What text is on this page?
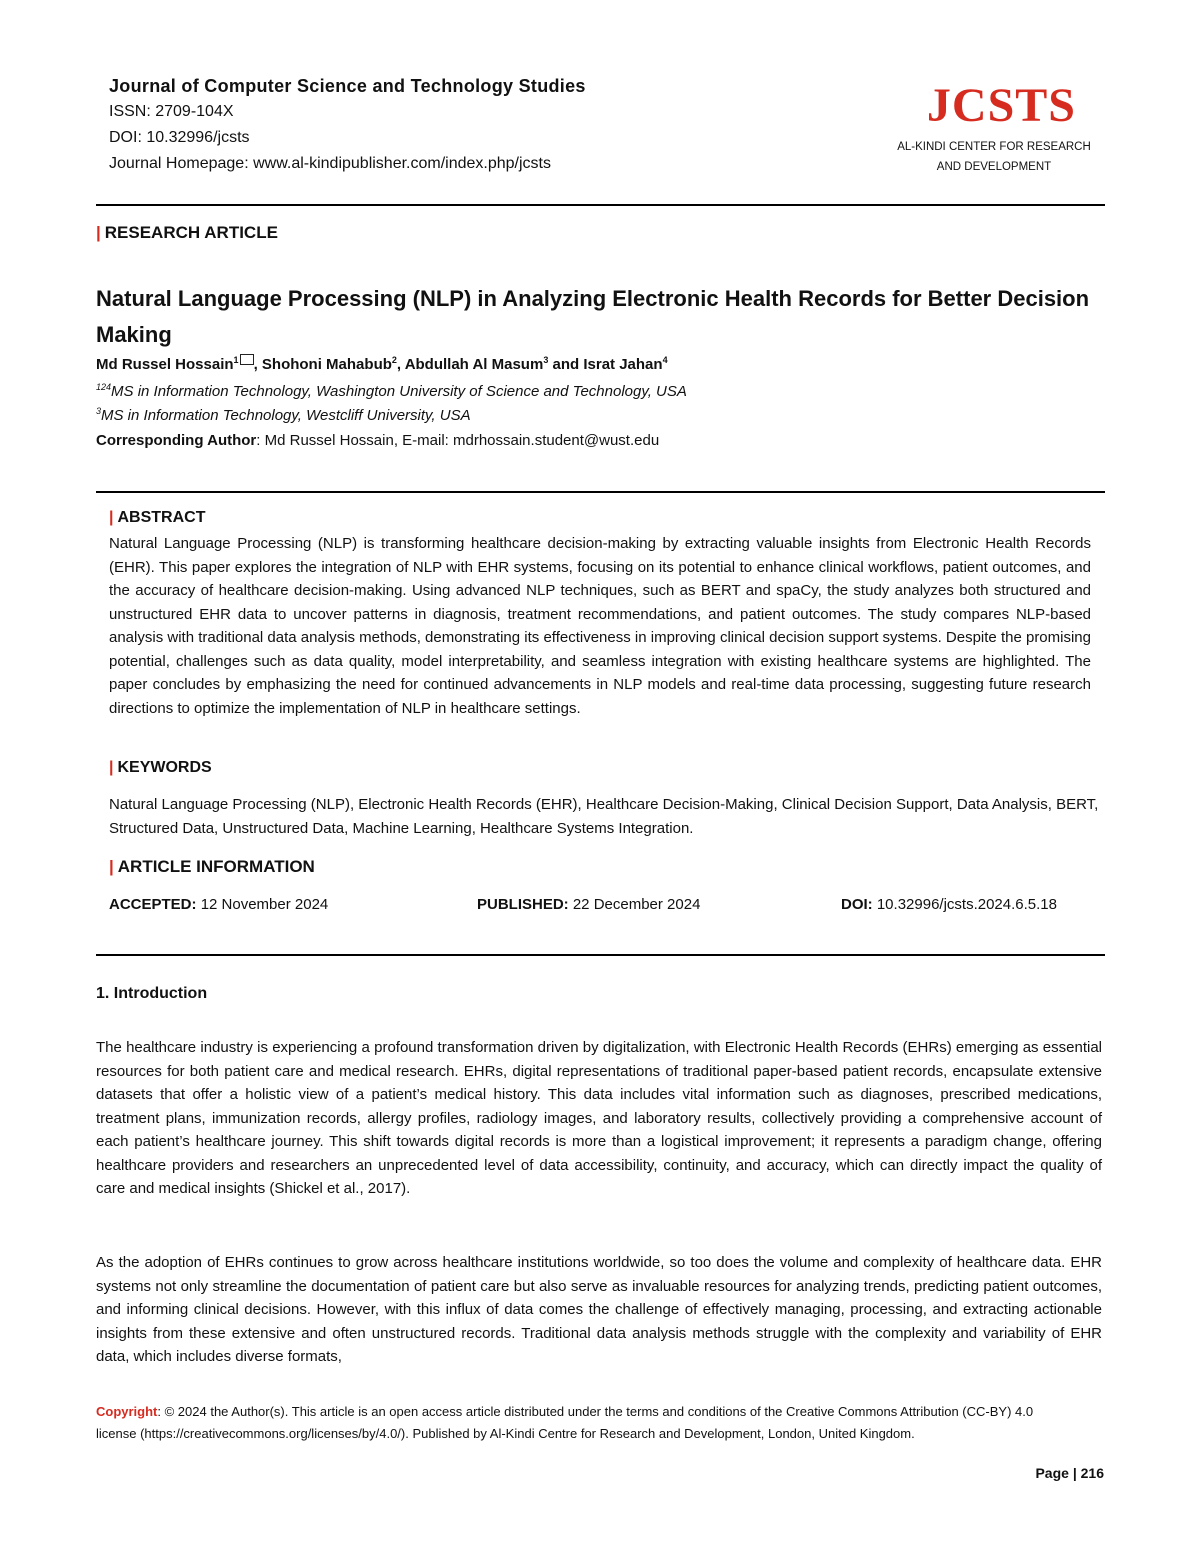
Journal of Computer Science and Technology Studies
ISSN: 2709-104X
DOI: 10.32996/jcsts
Journal Homepage: www.al-kindipublisher.com/index.php/jcsts
JCSTS
AL-KINDI CENTER FOR RESEARCH
AND DEVELOPMENT
| RESEARCH ARTICLE
Natural Language Processing (NLP) in Analyzing Electronic Health Records for Better Decision Making
Md Russel Hossain$^1$ , Shohoni Mahabub$^2$, Abdullah Al Masum$^3$ and Israt Jahan$^4$
$^{124}$MS in Information Technology, Washington University of Science and Technology, USA
$^3$MS in Information Technology, Westcliff University, USA
Corresponding Author: Md Russel Hossain, E-mail: mdrhossain.student@wust.edu
| ABSTRACT
Natural Language Processing (NLP) is transforming healthcare decision-making by extracting valuable insights from Electronic Health Records (EHR). This paper explores the integration of NLP with EHR systems, focusing on its potential to enhance clinical workflows, patient outcomes, and the accuracy of healthcare decision-making. Using advanced NLP techniques, such as BERT and spaCy, the study analyzes both structured and unstructured EHR data to uncover patterns in diagnosis, treatment recommendations, and patient outcomes. The study compares NLP-based analysis with traditional data analysis methods, demonstrating its effectiveness in improving clinical decision support systems. Despite the promising potential, challenges such as data quality, model interpretability, and seamless integration with existing healthcare systems are highlighted. The paper concludes by emphasizing the need for continued advancements in NLP models and real-time data processing, suggesting future research directions to optimize the implementation of NLP in healthcare settings.
| KEYWORDS
Natural Language Processing (NLP), Electronic Health Records (EHR), Healthcare Decision-Making, Clinical Decision Support, Data Analysis, BERT, Structured Data, Unstructured Data, Machine Learning, Healthcare Systems Integration.
| ARTICLE INFORMATION
ACCEPTED: 12 November 2024	PUBLISHED: 22 December 2024	DOI: 10.32996/jcsts.2024.6.5.18
1. Introduction
The healthcare industry is experiencing a profound transformation driven by digitalization, with Electronic Health Records (EHRs) emerging as essential resources for both patient care and medical research. EHRs, digital representations of traditional paper-based patient records, encapsulate extensive datasets that offer a holistic view of a patient’s medical history. This data includes vital information such as diagnoses, prescribed medications, treatment plans, immunization records, allergy profiles, radiology images, and laboratory results, collectively providing a comprehensive account of each patient’s healthcare journey. This shift towards digital records is more than a logistical improvement; it represents a paradigm change, offering healthcare providers and researchers an unprecedented level of data accessibility, continuity, and accuracy, which can directly impact the quality of care and medical insights (Shickel et al., 2017).
As the adoption of EHRs continues to grow across healthcare institutions worldwide, so too does the volume and complexity of healthcare data. EHR systems not only streamline the documentation of patient care but also serve as invaluable resources for analyzing trends, predicting patient outcomes, and informing clinical decisions. However, with this influx of data comes the challenge of effectively managing, processing, and extracting actionable insights from these extensive and often unstructured records. Traditional data analysis methods struggle with the complexity and variability of EHR data, which includes diverse formats,
Copyright: © 2024 the Author(s). This article is an open access article distributed under the terms and conditions of the Creative Commons Attribution (CC-BY) 4.0 license (https://creativecommons.org/licenses/by/4.0/). Published by Al-Kindi Centre for Research and Development, London, United Kingdom.
Page | 216
